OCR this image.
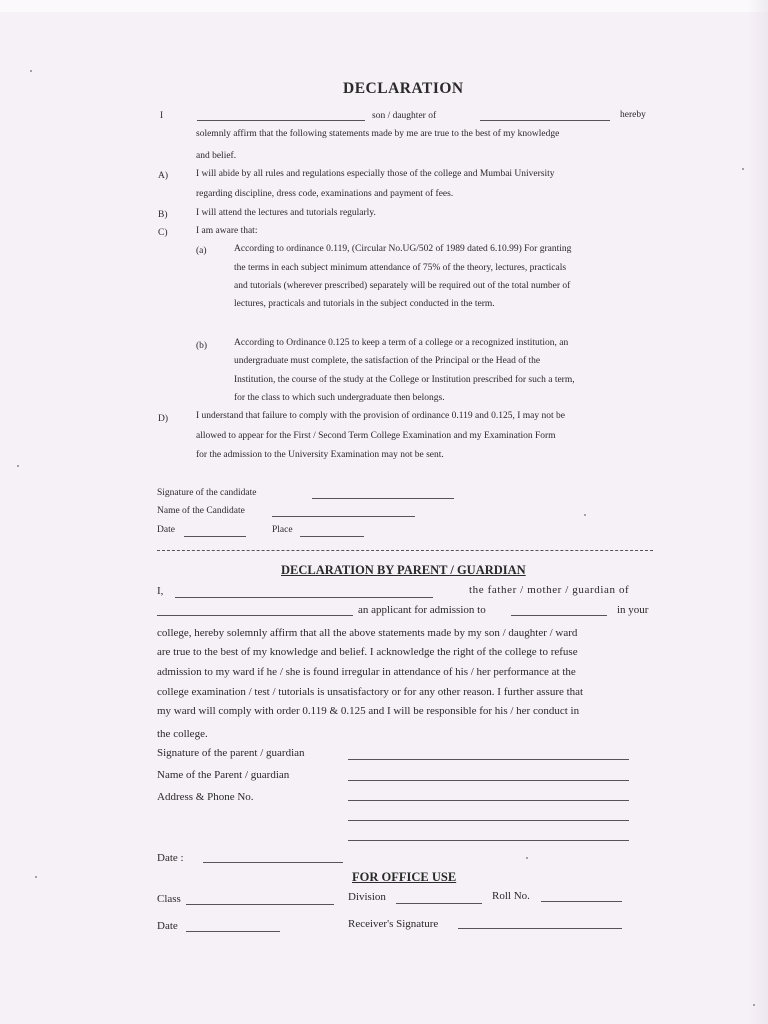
DECLARATION
I	son / daughter of	hereby
solemnly affirm that the following statements made by me are true to the best of my knowledge
and belief.
A)	I will abide by all rules and regulations especially those of the college and Mumbai University
regarding discipline, dress code, examinations and payment of fees.
B)	I will attend the lectures and tutorials regularly.
C)	I am aware that:
(a)	According to ordinance 0.119, (Circular No.UG/502 of 1989 dated 6.10.99) For granting
the terms in each subject minimum attendance of 75% of the theory, lectures, practicals
and tutorials (wherever prescribed) separately will be required out of the total number of
lectures, practicals and tutorials in the subject conducted in the term.
(b)	According to Ordinance 0.125 to keep a term of a college or a recognized institution, an
undergraduate must complete, the satisfaction of the Principal or the Head of the
Institution, the course of the study at the College or Institution prescribed for such a term,
for the class to which such undergraduate then belongs.
D)	I understand that failure to comply with the provision of ordinance 0.119 and 0.125, I may not be
allowed to appear for the First / Second Term College Examination and my Examination Form
for the admission to the University Examination may not be sent.
Signature of the candidate
Name of the Candidate
Date	Place
DECLARATION BY PARENT / GUARDIAN
I,	the father / mother / guardian of
an applicant for admission to	in your
college, hereby solemnly affirm that all the above statements made by my son / daughter / ward
are true to the best of my knowledge and belief. I acknowledge the right of the college to refuse
admission to my ward if he / she is found irregular in attendance of his / her performance at the
college examination / test / tutorials is unsatisfactory or for any other reason. I further assure that
my ward will comply with order 0.119 & 0.125 and I will be responsible for his / her conduct in
the college.
Signature of the parent / guardian
Name of the Parent / guardian
Address & Phone No.
Date :
FOR OFFICE USE
Class	Division	Roll No.
Date	Receiver's Signature
